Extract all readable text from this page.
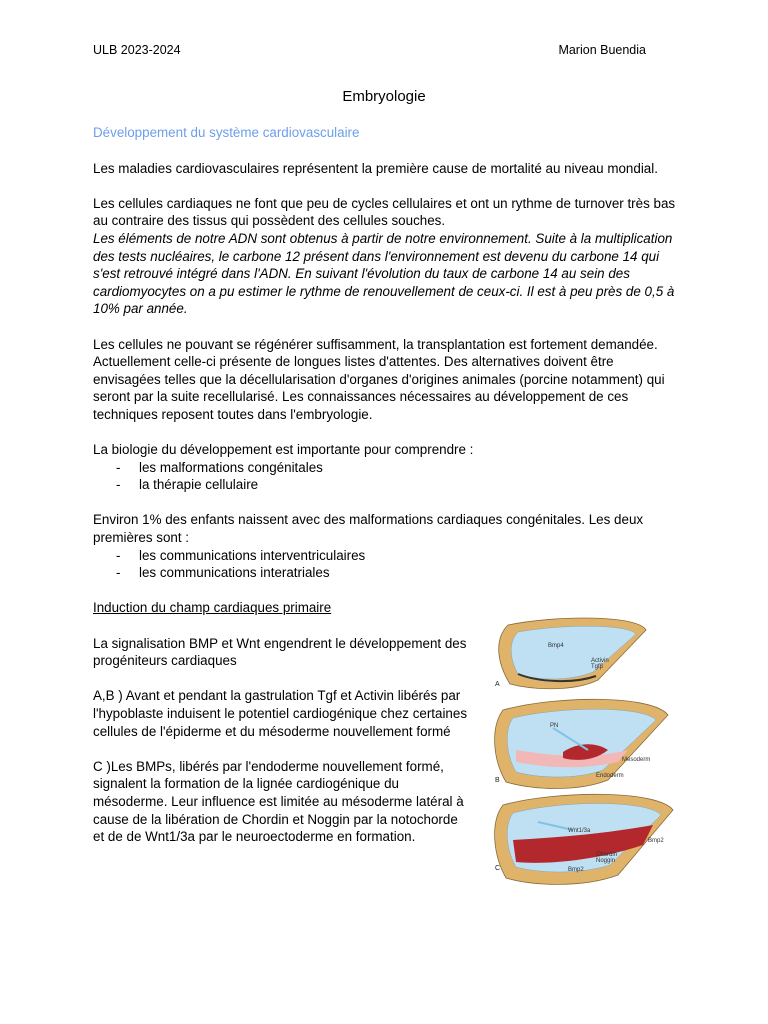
ULB 2023-2024	Marion Buendia
Embryologie
Développement du système cardiovasculaire

Les maladies cardiovasculaires représentent la première cause de mortalité au niveau mondial.

Les cellules cardiaques ne font que peu de cycles cellulaires et ont un rythme de turnover très bas au contraire des tissus qui possèdent des cellules souches.

Les éléments de notre ADN sont obtenus à partir de notre environnement. Suite à la multiplication des tests nucléaires, le carbone 12 présent dans l'environnement est devenu du carbone 14 qui s'est retrouvé intégré dans l'ADN. En suivant l'évolution du taux de carbone 14 au sein des cardiomyocytes on a pu estimer le rythme de renouvellement de ceux-ci. Il est à peu près de 0,5 à 10% par année.

Les cellules ne pouvant se régénérer suffisamment, la transplantation est fortement demandée. Actuellement celle-ci présente de longues listes d'attentes. Des alternatives doivent être envisagées telles que la décellularisation d'organes d'origines animales (porcine notamment) qui seront par la suite recellularisé. Les connaissances nécessaires au développement de ces techniques reposent toutes dans l'embryologie.

La biologie du développement est importante pour comprendre :
- les malformations congénitales
- la thérapie cellulaire
Environ 1% des enfants naissent avec des malformations cardiaques congénitales. Les deux premières sont :
- les communications interventriculaires
- les communications interatriales

Induction du champ cardiaques primaire

La signalisation BMP et Wnt engendrent le développement des progéniteurs cardiaques

A,B ) Avant et pendant la gastrulation Tgf et Activin libérés par l'hypoblaste induisent le potentiel cardiogénique chez certaines cellules de l'épiderme et du mésoderme nouvellement formé

C )Les BMPs, libérés par l'endoderme nouvellement formé, signalent la formation de la lignée cardiogénique du mésoderme. Leur influence est limitée au mésoderme latéral à cause de la libération de Chordin et Noggin par la notochorde et de de Wnt1/3a par le neuroectoderme en formation.

Bmp4
Activin
Tgfβ
A
PN
Mesoderm
Endoderm
B
Wnt1/3a
Bmp2
Chordin
Noggin
Bmp2
C
